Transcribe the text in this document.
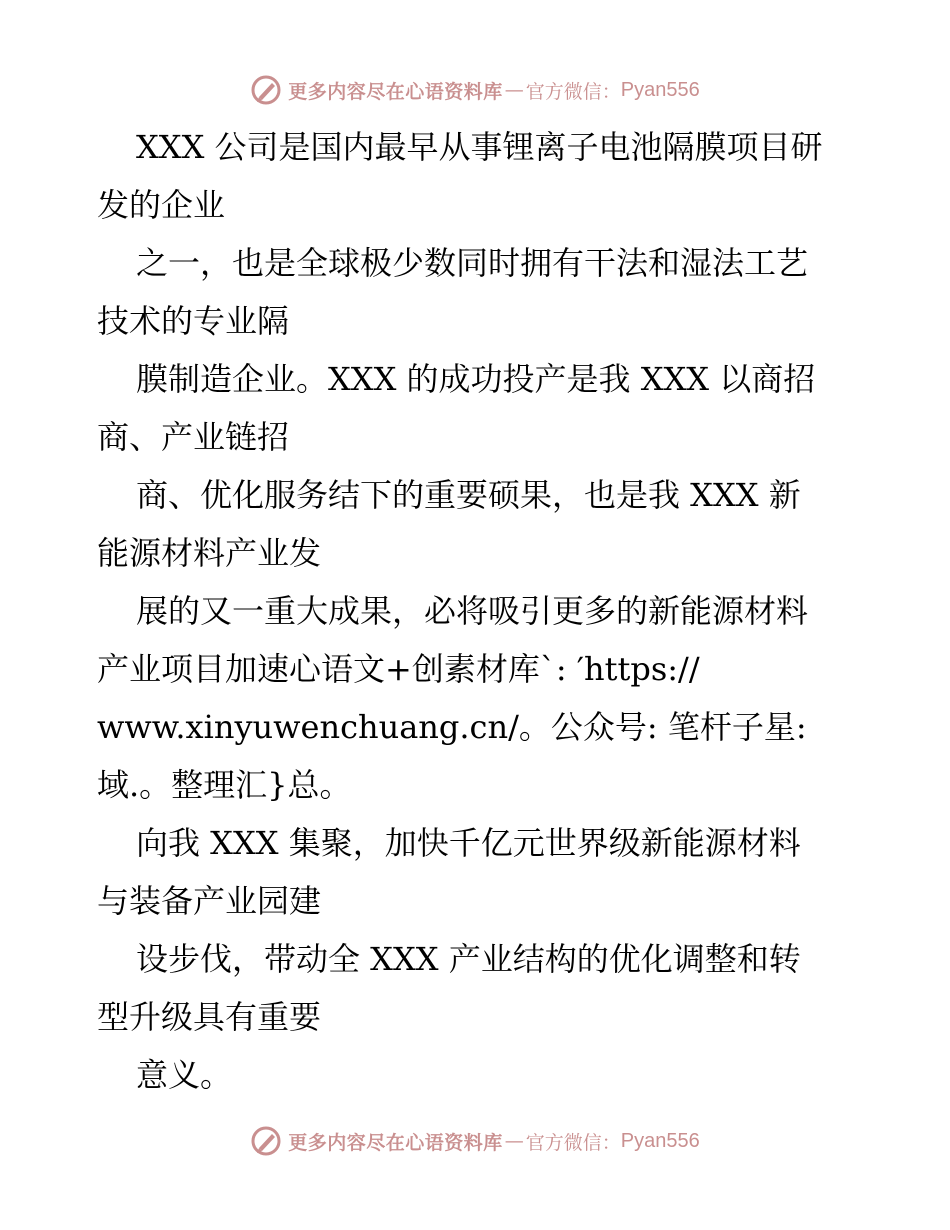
更多内容尽在心语资料库 — 官方微信： Pyan556
XXX 公司是国内最早从事锂离子电池隔膜项目研
发的企业
之一，也是全球极少数同时拥有干法和湿法工艺
技术的专业隔
膜制造企业。XXX 的成功投产是我 XXX 以商招
商、产业链招
商、优化服务结下的重要硕果，也是我 XXX 新
能源材料产业发
展的又一重大成果，必将吸引更多的新能源材料
产业项目加速心语文+创素材库`: ′https://
www.xinyuwenchuang.cn/。公众号: 笔杆子星:
域.。整理汇}总。
向我 XXX 集聚，加快千亿元世界级新能源材料
与装备产业园建
设步伐，带动全 XXX 产业结构的优化调整和转
型升级具有重要
意义。
更多内容尽在心语资料库 — 官方微信： Pyan556
